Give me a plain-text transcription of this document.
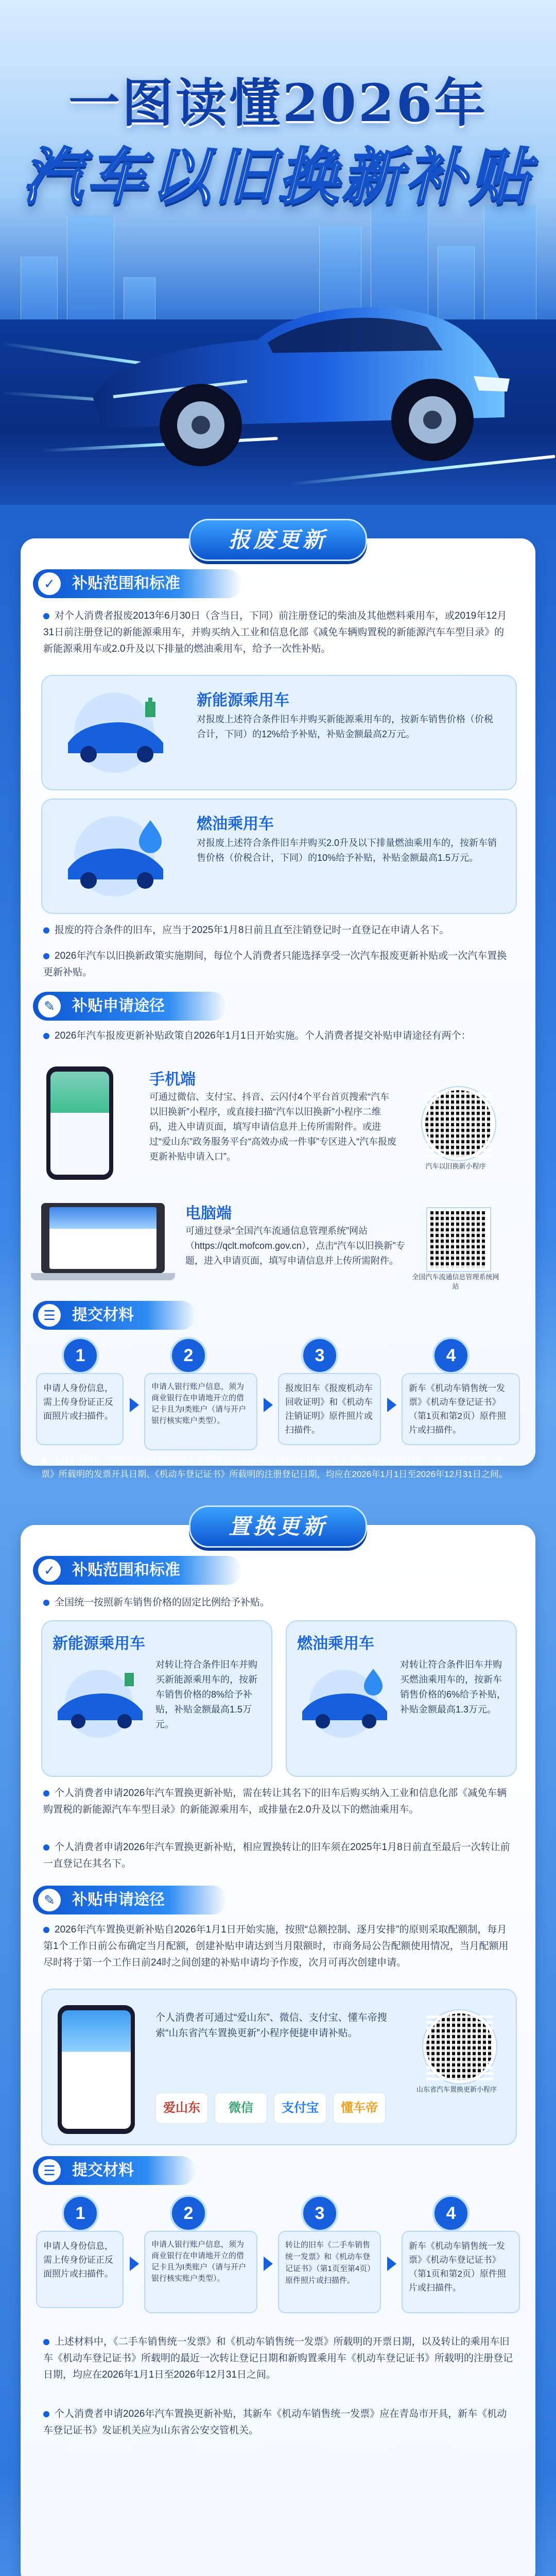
一图读懂2026年
汽车以旧换新补贴
报废更新
✓	补贴范围和标准
对个人消费者报废2013年6月30日（含当日，下同）前注册登记的柴油及其他燃料乘用车，或2019年12月31日前注册登记的新能源乘用车，并购买纳入工业和信息化部《减免车辆购置税的新能源汽车车型目录》的新能源乘用车或2.0升及以下排量的燃油乘用车，给予一次性补贴。
新能源乘用车
对报废上述符合条件旧车并购买新能源乘用车的，按新车销售价格（价税合计，下同）的12%给予补贴，补贴金额最高2万元。
燃油乘用车
对报废上述符合条件旧车并购买2.0升及以下排量燃油乘用车的，按新车销售价格（价税合计，下同）的10%给予补贴，补贴金额最高1.5万元。
报废的符合条件的旧车，应当于2025年1月8日前且直至注销登记时一直登记在申请人名下。
2026年汽车以旧换新政策实施期间，每位个人消费者只能选择享受一次汽车报废更新补贴或一次汽车置换更新补贴。
✎	补贴申请途径
2026年汽车报废更新补贴政策自2026年1月1日开始实施。个人消费者提交补贴申请途径有两个：
手机端
可通过微信、支付宝、抖音、云闪付4个平台首页搜索“汽车以旧换新”小程序，或直接扫描“汽车以旧换新”小程序二维码，进入申请页面，填写申请信息并上传所需附件。或进过“爱山东”政务服务平台“高效办成一件事”专区进入“汽车报废更新补贴申请入口”。
汽车以旧换新小程序
电脑端
可通过登录“全国汽车流通信息管理系统”网站（https://qclt.mofcom.gov.cn），点击“汽车以旧换新”专题，进入申请页面，填写申请信息并上传所需附件。
全国汽车流通信息管理系统网站
☰	提交材料
1
申请人身份信息，需上传身份证正反面照片或扫描件。
2
申请人银行账户信息，须为商业银行在申请地开立的借记卡且为I类账户（请与开户银行核实账户类型）。
3
报废旧车《报废机动车回收证明》和《机动车注销证明》原件照片或扫描件。
4
新车《机动车销售统一发票》《机动车登记证书》（第1页和第2页）原件照片或扫描件。
上述材料中，《报废机动车回收证明》所载明的交车日期、《机动车注销证明》所载明的注销日期、《机动车销售统一发票》所载明的发票开具日期、《机动车登记证书》所载明的注册登记日期，均应在2026年1月1日至2026年12月31日之间。
置换更新
✓	补贴范围和标准
全国统一按照新车销售价格的固定比例给予补贴。
新能源乘用车
对转让符合条件旧车并购买新能源乘用车的，按新车销售价格的8%给予补贴，补贴金额最高1.5万元。
燃油乘用车
对转让符合条件旧车并购买燃油乘用车的，按新车销售价格的6%给予补贴，补贴金额最高1.3万元。
个人消费者申请2026年汽车置换更新补贴，需在转让其名下的旧车后购买纳入工业和信息化部《减免车辆购置税的新能源汽车车型目录》的新能源乘用车，或排量在2.0升及以下的燃油乘用车。
个人消费者申请2026年汽车置换更新补贴，相应置换转让的旧车须在2025年1月8日前直至最后一次转让前一直登记在其名下。
✎	补贴申请途径
2026年汽车置换更新补贴自2026年1月1日开始实施，按照“总额控制、逐月安排”的原则采取配额制，每月第1个工作日前公布确定当月配额，创建补贴申请达到当月限额时，市商务局公告配额使用情况，当月配额用尽时将于第一个工作日前24时之间创建的补贴申请均予作废，次月可再次创建申请。
个人消费者可通过“爱山东”、微信、支付宝、懂车帝搜索“山东省汽车置换更新”小程序便捷申请补贴。
山东省汽车置换更新小程序
爱山东	微信	支付宝	懂车帝
☰	提交材料
1
申请人身份信息，需上传身份证正反面照片或扫描件。
2
申请人银行账户信息，须为商业银行在申请地开立的借记卡且为I类账户（请与开户银行核实账户类型）。
3
转让的旧车《二手车销售统一发票》和《机动车登记证书》（第1页至第4页）原件照片或扫描件。
4
新车《机动车销售统一发票》《机动车登记证书》（第1页和第2页）原件照片或扫描件。
上述材料中，《二手车销售统一发票》和《机动车销售统一发票》所载明的开票日期，以及转让的乘用车旧车《机动车登记证书》所载明的最近一次转让登记日期和新购置乘用车《机动车登记证书》所载明的注册登记日期，均应在2026年1月1日至2026年12月31日之间。
个人消费者申请2026年汽车置换更新补贴，其新车《机动车销售统一发票》应在青岛市开具，新车《机动车登记证书》发证机关应为山东省公安交管机关。
